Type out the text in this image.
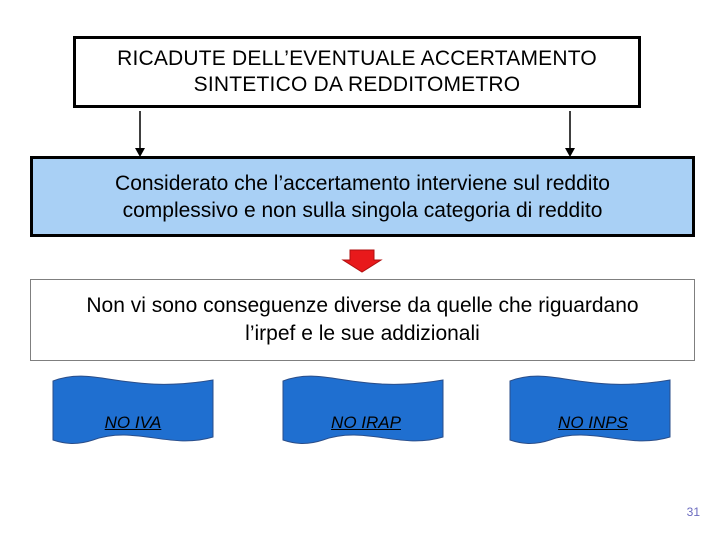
RICADUTE DELL’EVENTUALE ACCERTAMENTO
SINTETICO DA REDDITOMETRO
Considerato che l’accertamento interviene sul reddito
complessivo e non sulla singola categoria di reddito
Non vi sono conseguenze diverse da quelle che riguardano
l’irpef e le sue addizionali
NO IVA	NO IRAP	NO INPS
31
